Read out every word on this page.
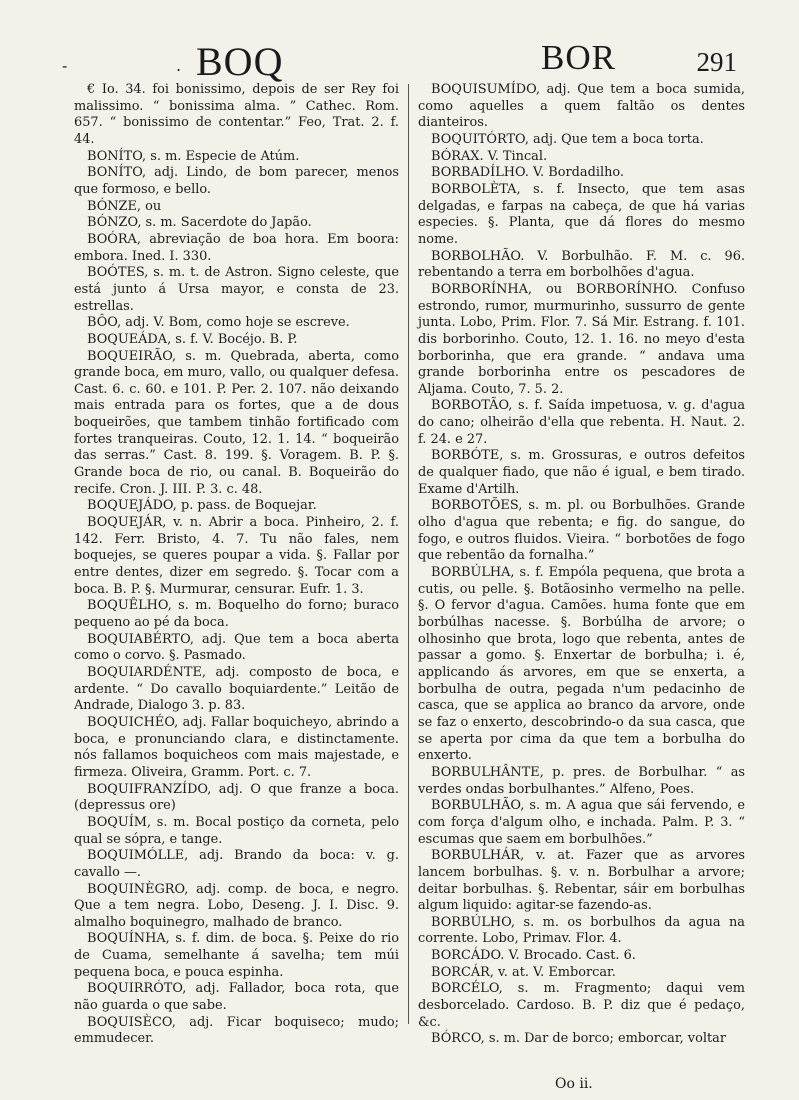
-	. BOQ	BOR	291

€ Io. 34. foi bonissimo, depois de ser Rey foi malissimo. “ bonissima alma. ” Cathec. Rom. 657. “ bonissimo de contentar.” Feo, Trat. 2. f. 44.

BONÍTO, s. m. Especie de Atúm.

BONÍTO, adj. Lindo, de bom parecer, menos que formoso, e bello.

BÓNZE, ou

BÓNZO, s. m. Sacerdote do Japão.

BOÓRA, abreviação de boa hora. Em boora: embora. Ined. I. 330.

BOÓTES, s. m. t. de Astron. Signo celeste, que está junto á Ursa mayor, e consta de 23. estrellas.

BÔO, adj. V. Bom, como hoje se escreve.

BOQUEÁDA, s. f. V. Bocéjo. B. P.

BOQUEIRÃO, s. m. Quebrada, aberta, como grande boca, em muro, vallo, ou qualquer defesa. Cast. 6. c. 60. e 101. P. Per. 2. 107. não deixando mais entrada para os fortes, que a de dous boqueirões, que tambem tinhão fortificado com fortes tranqueiras. Couto, 12. 1. 14. “ boqueirão das serras.” Cast. 8. 199. §. Voragem. B. P. §. Grande boca de rio, ou canal. B. Boqueirão do recife. Cron. J. III. P. 3. c. 48.

BOQUEJÁDO, p. pass. de Boquejar.

BOQUEJÁR, v. n. Abrir a boca. Pinheiro, 2. f. 142. Ferr. Bristo, 4. 7. Tu não fales, nem boquejes, se queres poupar a vida. §. Fallar por entre dentes, dizer em segredo. §. Tocar com a boca. B. P. §. Murmurar, censurar. Eufr. 1. 3.

BOQUÊLHO, s. m. Boquelho do forno; buraco pequeno ao pé da boca.

BOQUIABÉRTO, adj. Que tem a boca aberta como o corvo. §. Pasmado.

BOQUIARDÉNTE, adj. composto de boca, e ardente. “ Do cavallo boquiardente.” Leitão de Andrade, Dialogo 3. p. 83.

BOQUICHÉO, adj. Fallar boquicheyo, abrindo a boca, e pronunciando clara, e distinctamente. nós fallamos boquicheos com mais majestade, e firmeza. Oliveira, Gramm. Port. c. 7.

BOQUIFRANZÍDO, adj. O que franze a boca. (depressus ore)

BOQUÍM, s. m. Bocal postiço da corneta, pelo qual se sópra, e tange.

BOQUIMÓLLE, adj. Brando da boca: v. g. cavallo —.

BOQUINÈGRO, adj. comp. de boca, e negro. Que a tem negra. Lobo, Deseng. J. I. Disc. 9. almalho boquinegro, malhado de branco.

BOQUÍNHA, s. f. dim. de boca. §. Peixe do rio de Cuama, semelhante á savelha; tem múi pequena boca, e pouca espinha.

BOQUIRRÓTO, adj. Fallador, boca rota, que não guarda o que sabe.

BOQUISÈCO, adj. Ficar boquiseco; mudo; emmudecer.

BOQUISUMÍDO, adj. Que tem a boca sumida, como aquelles a quem faltão os dentes dianteiros.

BOQUITÓRTO, adj. Que tem a boca torta.

BÓRAX. V. Tincal.

BORBADÍLHO. V. Bordadilho.

BORBOLÈTA, s. f. Insecto, que tem asas delgadas, e farpas na cabeça, de que há varias especies. §. Planta, que dá flores do mesmo nome.

BORBOLHÃO. V. Borbulhão. F. M. c. 96. rebentando a terra em borbolhões d'agua.

BORBORÍNHA, ou BORBORÍNHO. Confuso estrondo, rumor, murmurinho, sussurro de gente junta. Lobo, Prim. Flor. 7. Sá Mir. Estrang. f. 101. dis borborinho. Couto, 12. 1. 16. no meyo d'esta borborinha, que era grande. “ andava uma grande borborinha entre os pescadores de Aljama. Couto, 7. 5. 2.

BORBOTÃO, s. f. Saída impetuosa, v. g. d'agua do cano; olheirão d'ella que rebenta. H. Naut. 2. f. 24. e 27.

BORBÓTE, s. m. Grossuras, e outros defeitos de qualquer fiado, que não é igual, e bem tirado. Exame d'Artilh.

BORBOTÕES, s. m. pl. ou Borbulhões. Grande olho d'agua que rebenta; e fig. do sangue, do fogo, e outros fluidos. Vieira. “ borbotões de fogo que rebentão da fornalha.”

BORBÚLHA, s. f. Empóla pequena, que brota a cutis, ou pelle. §. Botãosinho vermelho na pelle. §. O fervor d'agua. Camões. huma fonte que em borbúlhas nacesse. §. Borbúlha de arvore; o olhosinho que brota, logo que rebenta, antes de passar a gomo. §. Enxertar de borbulha; i. é, applicando ás arvores, em que se enxerta, a borbulha de outra, pegada n'um pedacinho de casca, que se applica ao branco da arvore, onde se faz o enxerto, descobrindo-o da sua casca, que se aperta por cima da que tem a borbulha do enxerto.

BORBULHÂNTE, p. pres. de Borbulhar. “ as verdes ondas borbulhantes.” Alfeno, Poes.

BORBULHÃO, s. m. A agua que sái fervendo, e com força d'algum olho, e inchada. Palm. P. 3. “ escumas que saem em borbulhões.”

BORBULHÁR, v. at. Fazer que as arvores lancem borbulhas. §. v. n. Borbulhar a arvore; deitar borbulhas. §. Rebentar, sáir em borbulhas algum liquido: agitar-se fazendo-as.

BORBÚLHO, s. m. os borbulhos da agua na corrente. Lobo, Primav. Flor. 4.

BORCÁDO. V. Brocado. Cast. 6.

BORCÁR, v. at. V. Emborcar.

BORCÉLO, s. m. Fragmento; daqui vem desborcelado. Cardoso. B. P. diz que é pedaço, &c.

BÓRCO, s. m. Dar de borco; emborcar, voltar

Oo ii.
